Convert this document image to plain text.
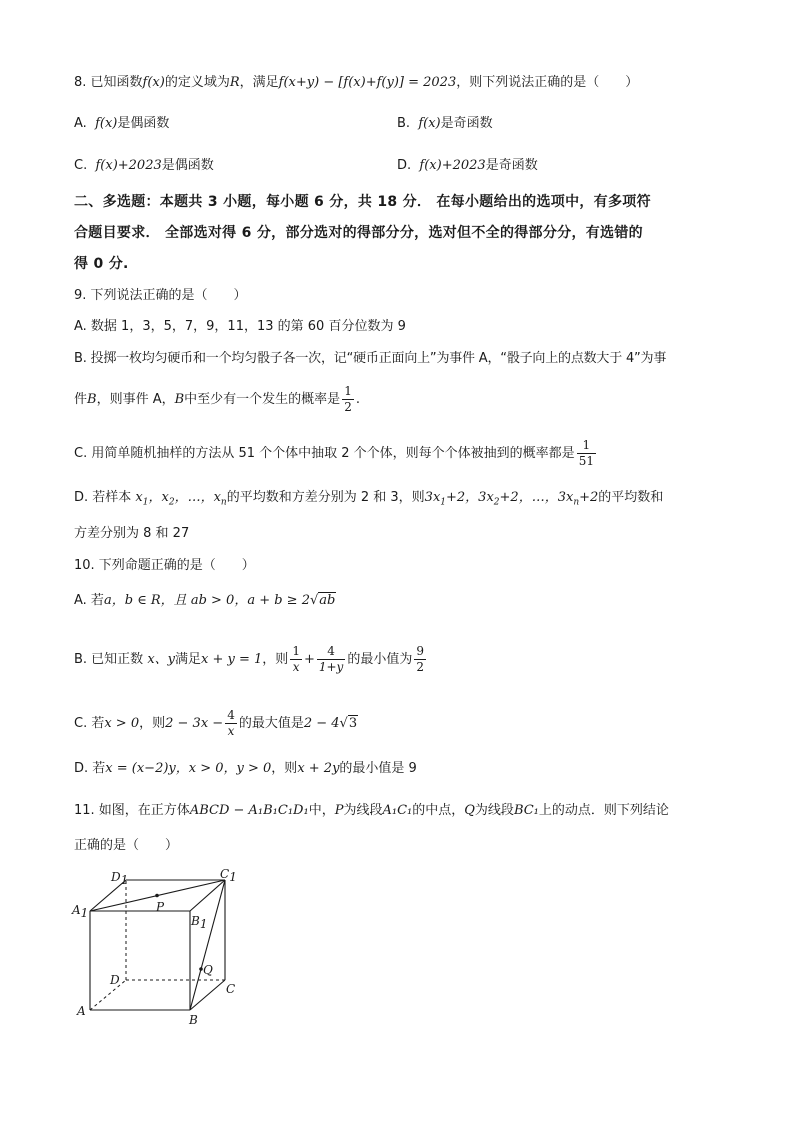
8. 已知函数f(x)的定义域为R，满足f(x+y) − [f(x)+f(y)] = 2023，则下列说法正确的是（　　）
A. f(x)是偶函数	B. f(x)是奇函数
C. f(x)+2023是偶函数	D. f(x)+2023是奇函数
二、多选题：本题共 3 小题，每小题 6 分，共 18 分． 在每小题给出的选项中，有多项符
合题目要求． 全部选对得 6 分，部分选对的得部分分，选对但不全的得部分分，有选错的
得 0 分.
9. 下列说法正确的是（　　）
A. 数据 1，3，5，7，9，11，13 的第 60 百分位数为 9
B. 投掷一枚均匀硬币和一个均匀骰子各一次，记“硬币正面向上”为事件 A，“骰子向上的点数大于 4”为事
件B，则事件 A，B中至少有一个发生的概率是 $\frac{1}{2}$ .
C. 用简单随机抽样的方法从 51 个个体中抽取 2 个个体，则每个个体被抽到的概率都是 $\frac{1}{51}$
D. 若样本 $x_1$，$x_2$，…，$x_n$的平均数和方差分别为 2 和 3，则$3x_1+2$，$3x_2+2$，…，$3x_n+2$的平均数和
方差分别为 8 和 27
10. 下列命题正确的是（　　）
A. 若a，b ∈ R，且 ab > 0，a + b ≥ 2√ab
B. 已知正数 x、y满足x + y = 1，则 $\frac{1}{x} + \frac{4}{1+y}$ 的最小值为 $\frac{9}{2}$
C. 若x > 0，则$2 - 3x - \frac{4}{x}$ 的最大值是2 − 4√3
D. 若x = (x−2)y，x > 0，y > 0，则x + 2y的最小值是 9
11. 如图，在正方体ABCD − A₁B₁C₁D₁中，P为线段A₁C₁的中点，Q为线段BC₁上的动点．则下列结论
正确的是（　　）
D1	C1
A1
B1
P
Q
D
C
A
B
